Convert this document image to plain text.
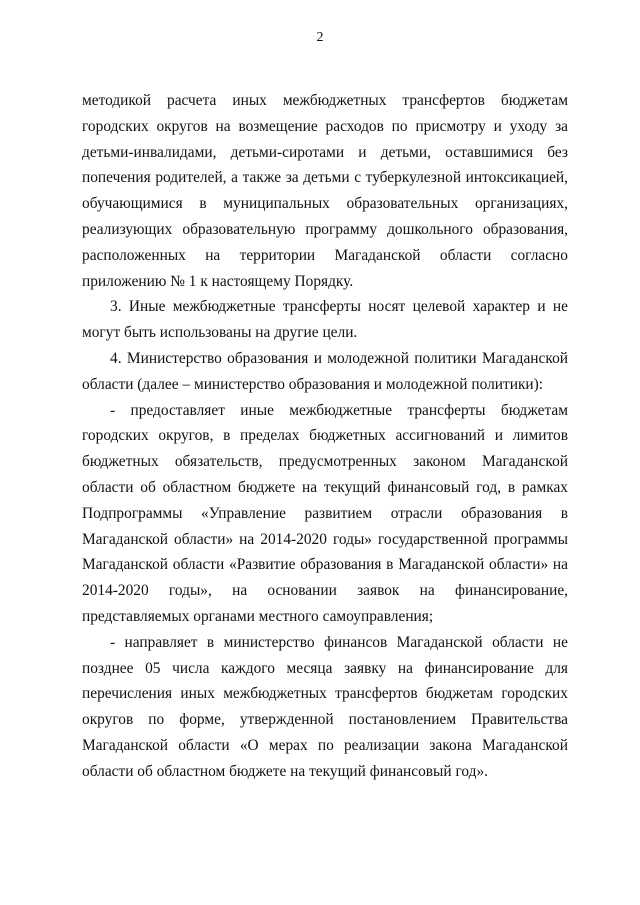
2

методикой расчета иных межбюджетных трансфертов бюджетам городских округов на возмещение расходов по присмотру и уходу за детьми-инвалидами, детьми-сиротами и детьми, оставшимися без попечения родителей, а также за детьми с туберкулезной интоксикацией, обучающимися в муниципальных образовательных организациях, реализующих образовательную программу дошкольного образования, расположенных на территории Магаданской области согласно приложению № 1 к настоящему Порядку.

3. Иные межбюджетные трансферты носят целевой характер и не могут быть использованы на другие цели.

4. Министерство образования и молодежной политики Магаданской области (далее – министерство образования и молодежной политики):

- предоставляет иные межбюджетные трансферты бюджетам городских округов, в пределах бюджетных ассигнований и лимитов бюджетных обязательств, предусмотренных законом Магаданской области об областном бюджете на текущий финансовый год, в рамках Подпрограммы «Управление развитием отрасли образования в Магаданской области» на 2014-2020 годы» государственной программы Магаданской области «Развитие образования в Магаданской области» на 2014-2020 годы», на основании заявок на финансирование, представляемых органами местного самоуправления;

- направляет в министерство финансов Магаданской области не позднее 05 числа каждого месяца заявку на финансирование для перечисления иных межбюджетных трансфертов бюджетам городских округов по форме, утвержденной постановлением Правительства Магаданской области «О мерах по реализации закона Магаданской области об областном бюджете на текущий финансовый год».
